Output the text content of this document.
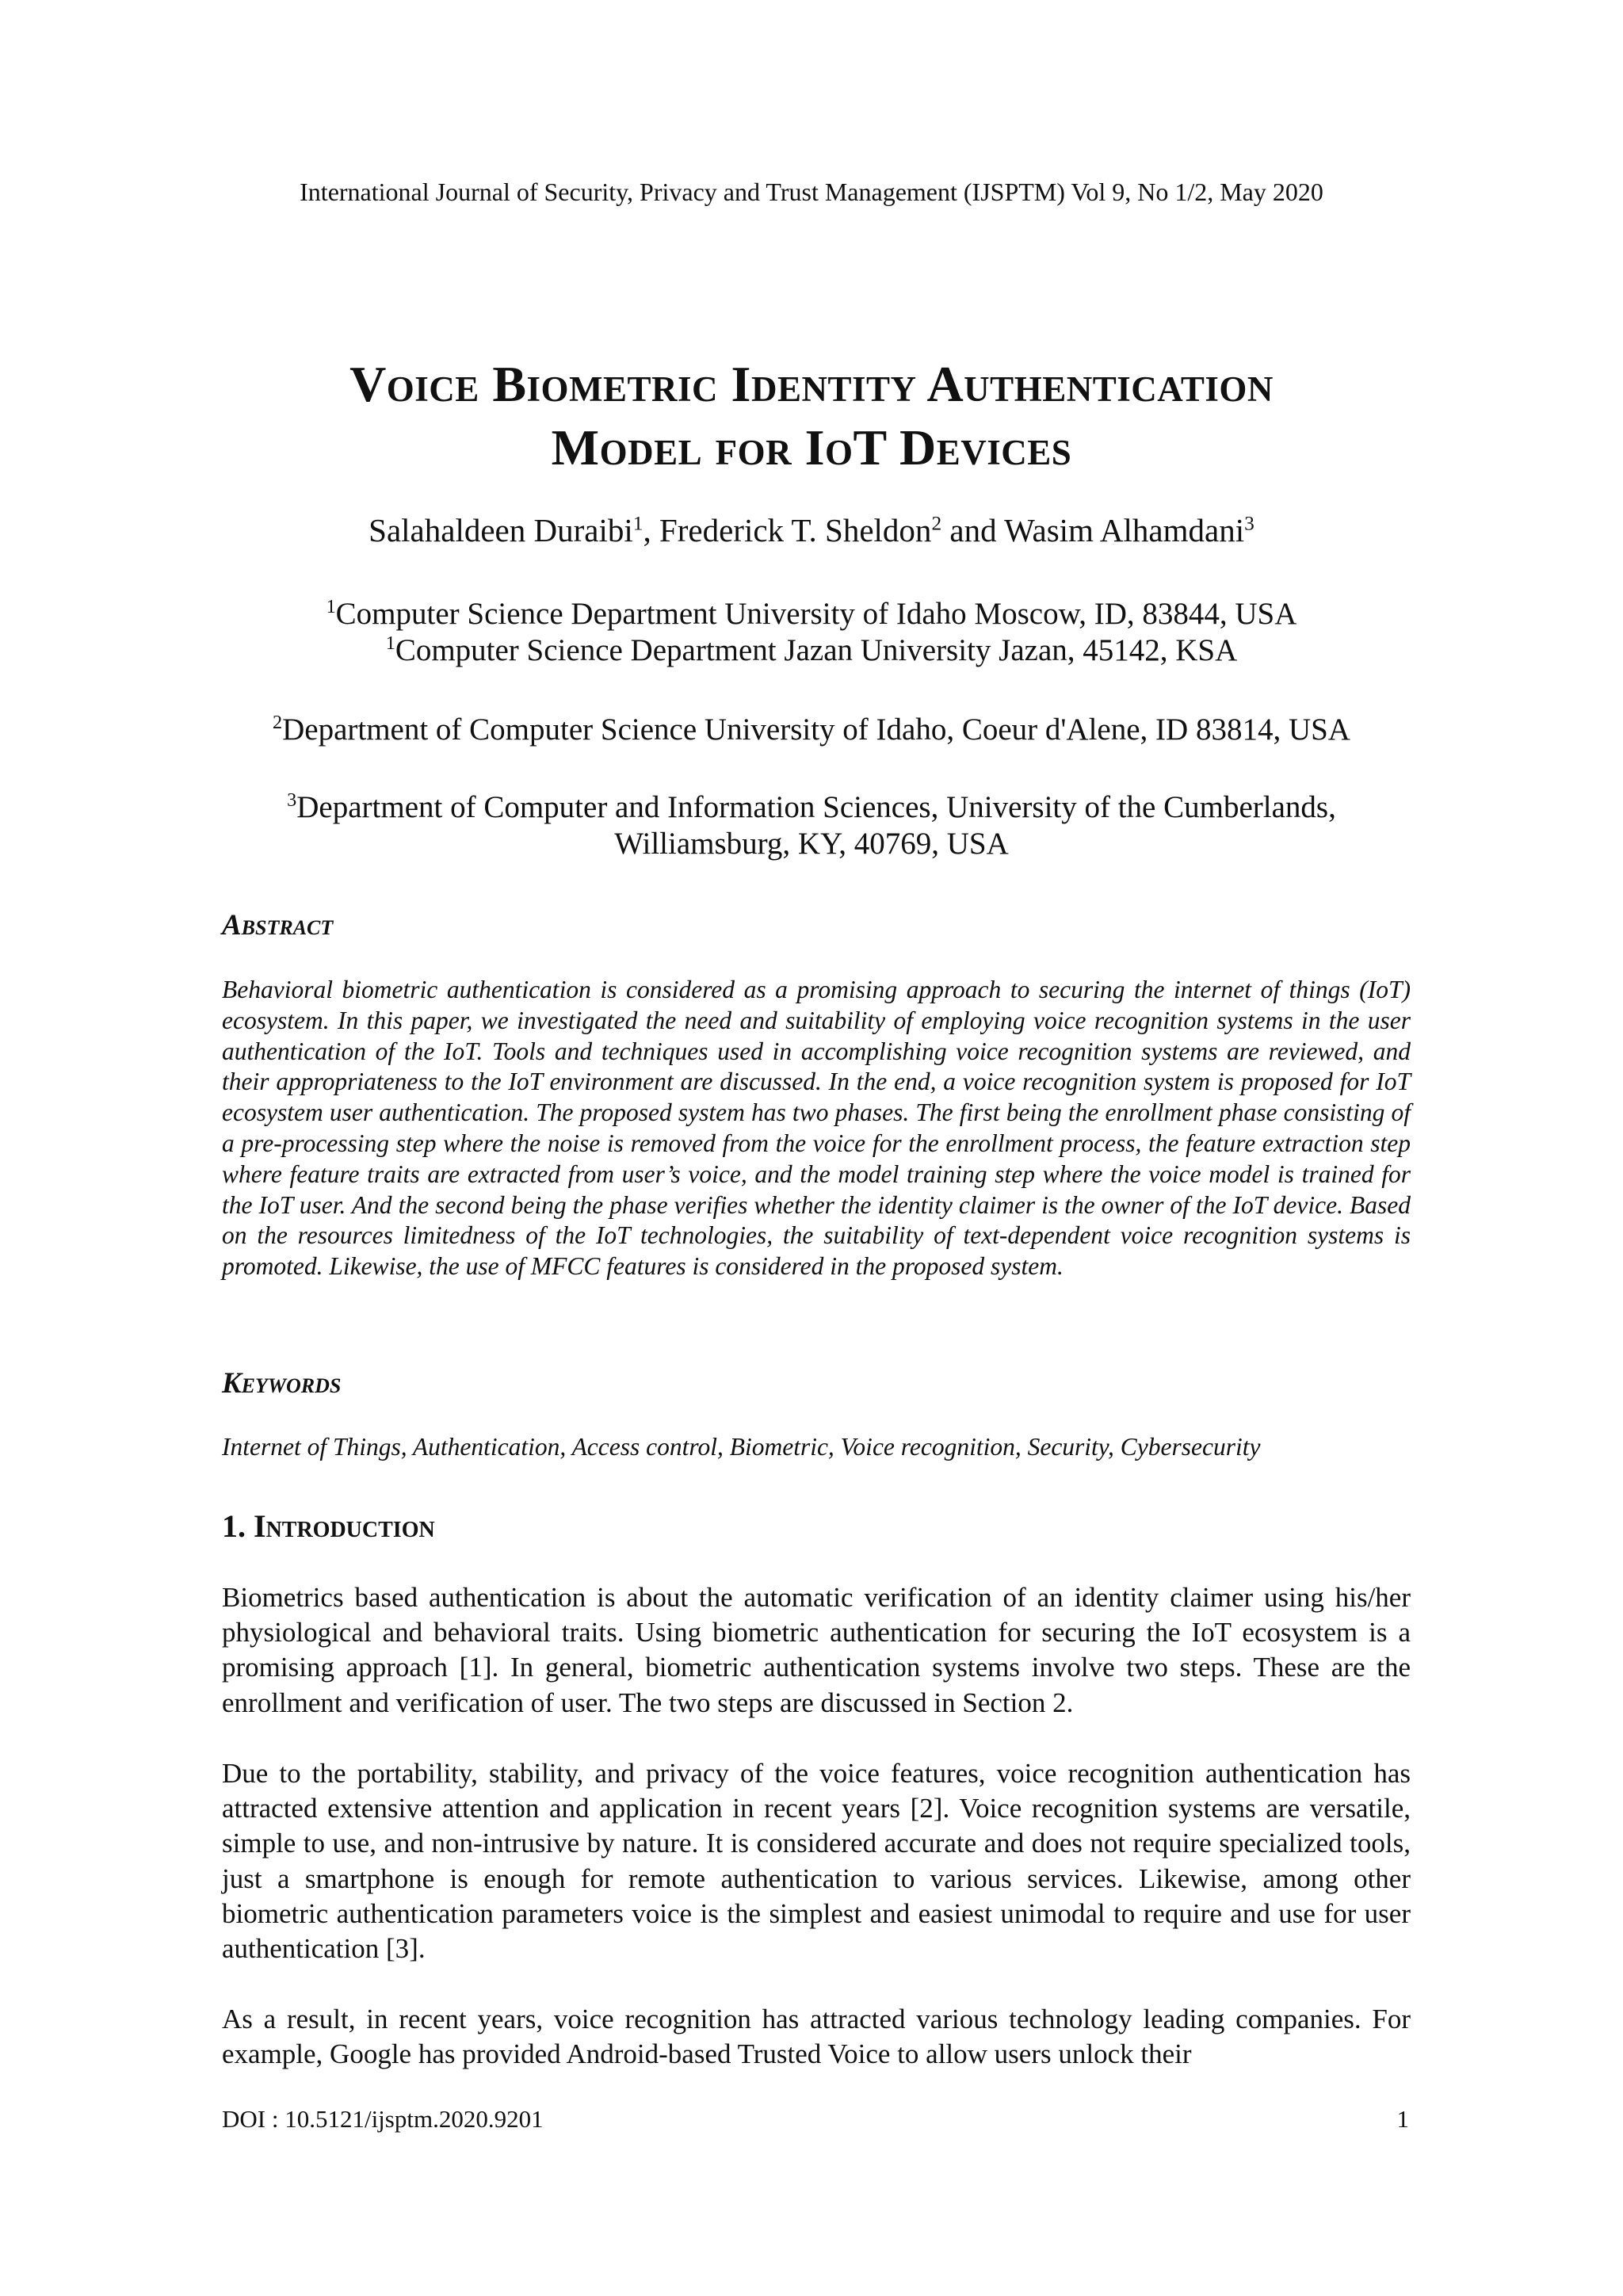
International Journal of Security, Privacy and Trust Management (IJSPTM) Vol 9, No 1/2, May 2020
Voice Biometric Identity Authentication
Model for IoT Devices
Salahaldeen Duraibi$^1$, Frederick T. Sheldon$^2$ and Wasim Alhamdani$^3$
$^1$Computer Science Department University of Idaho Moscow, ID, 83844, USA
$^1$Computer Science Department Jazan University Jazan, 45142, KSA
$^2$Department of Computer Science University of Idaho, Coeur d'Alene, ID 83814, USA
$^3$Department of Computer and Information Sciences, University of the Cumberlands,
Williamsburg, KY, 40769, USA
Abstract

Behavioral biometric authentication is considered as a promising approach to securing the internet of things (IoT) ecosystem. In this paper, we investigated the need and suitability of employing voice recognition systems in the user authentication of the IoT. Tools and techniques used in accomplishing voice recognition systems are reviewed, and their appropriateness to the IoT environment are discussed. In the end, a voice recognition system is proposed for IoT ecosystem user authentication. The proposed system has two phases. The first being the enrollment phase consisting of a pre-processing step where the noise is removed from the voice for the enrollment process, the feature extraction step where feature traits are extracted from user’s voice, and the model training step where the voice model is trained for the IoT user. And the second being the phase verifies whether the identity claimer is the owner of the IoT device. Based on the resources limitedness of the IoT technologies, the suitability of text-dependent voice recognition systems is promoted. Likewise, the use of MFCC features is considered in the proposed system.

Keywords

Internet of Things, Authentication, Access control, Biometric, Voice recognition, Security, Cybersecurity

1. Introduction

Biometrics based authentication is about the automatic verification of an identity claimer using his/her physiological and behavioral traits. Using biometric authentication for securing the IoT ecosystem is a promising approach [1]. In general, biometric authentication systems involve two steps. These are the enrollment and verification of user. The two steps are discussed in Section 2.

Due to the portability, stability, and privacy of the voice features, voice recognition authentication has attracted extensive attention and application in recent years [2]. Voice recognition systems are versatile, simple to use, and non-intrusive by nature. It is considered accurate and does not require specialized tools, just a smartphone is enough for remote authentication to various services. Likewise, among other biometric authentication parameters voice is the simplest and easiest unimodal to require and use for user authentication [3].

As a result, in recent years, voice recognition has attracted various technology leading companies. For example, Google has provided Android-based Trusted Voice to allow users unlock their

DOI : 10.5121/ijsptm.2020.9201	1
